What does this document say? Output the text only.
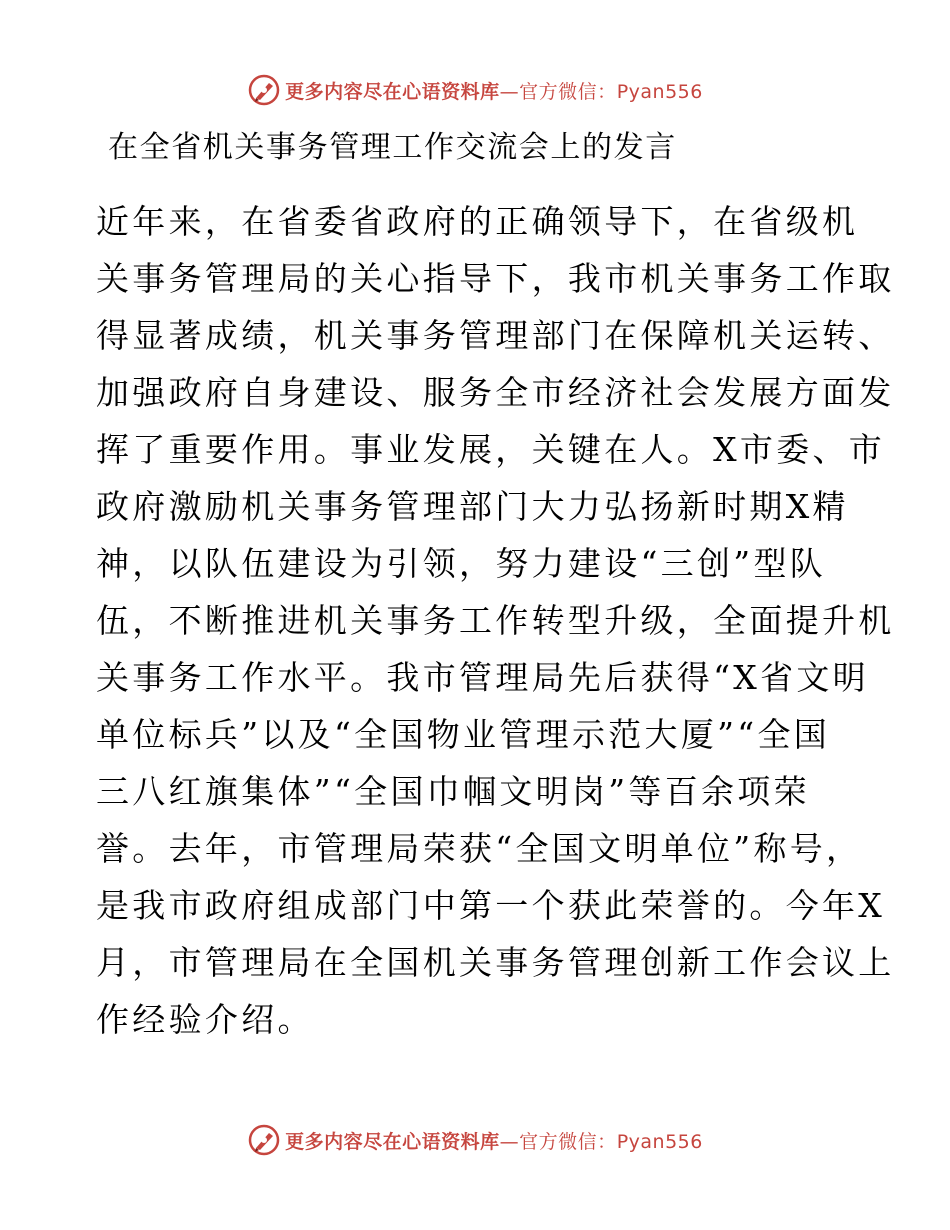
更多内容尽在心语资料库—官方微信：Pyan556
在全省机关事务管理工作交流会上的发言
近年来，在省委省政府的正确领导下，在省级机
关事务管理局的关心指导下，我市机关事务工作取
得显著成绩，机关事务管理部门在保障机关运转、
加强政府自身建设、服务全市经济社会发展方面发
挥了重要作用。事业发展，关键在人。X市委、市
政府激励机关事务管理部门大力弘扬新时期X精
神，以队伍建设为引领，努力建设“三创”型队
伍，不断推进机关事务工作转型升级，全面提升机
关事务工作水平。我市管理局先后获得“X省文明
单位标兵”以及“全国物业管理示范大厦”“全国
三八红旗集体”“全国巾帼文明岗”等百余项荣
誉。去年，市管理局荣获“全国文明单位”称号，
是我市政府组成部门中第一个获此荣誉的。今年X
月，市管理局在全国机关事务管理创新工作会议上
作经验介绍。
更多内容尽在心语资料库—官方微信：Pyan556
